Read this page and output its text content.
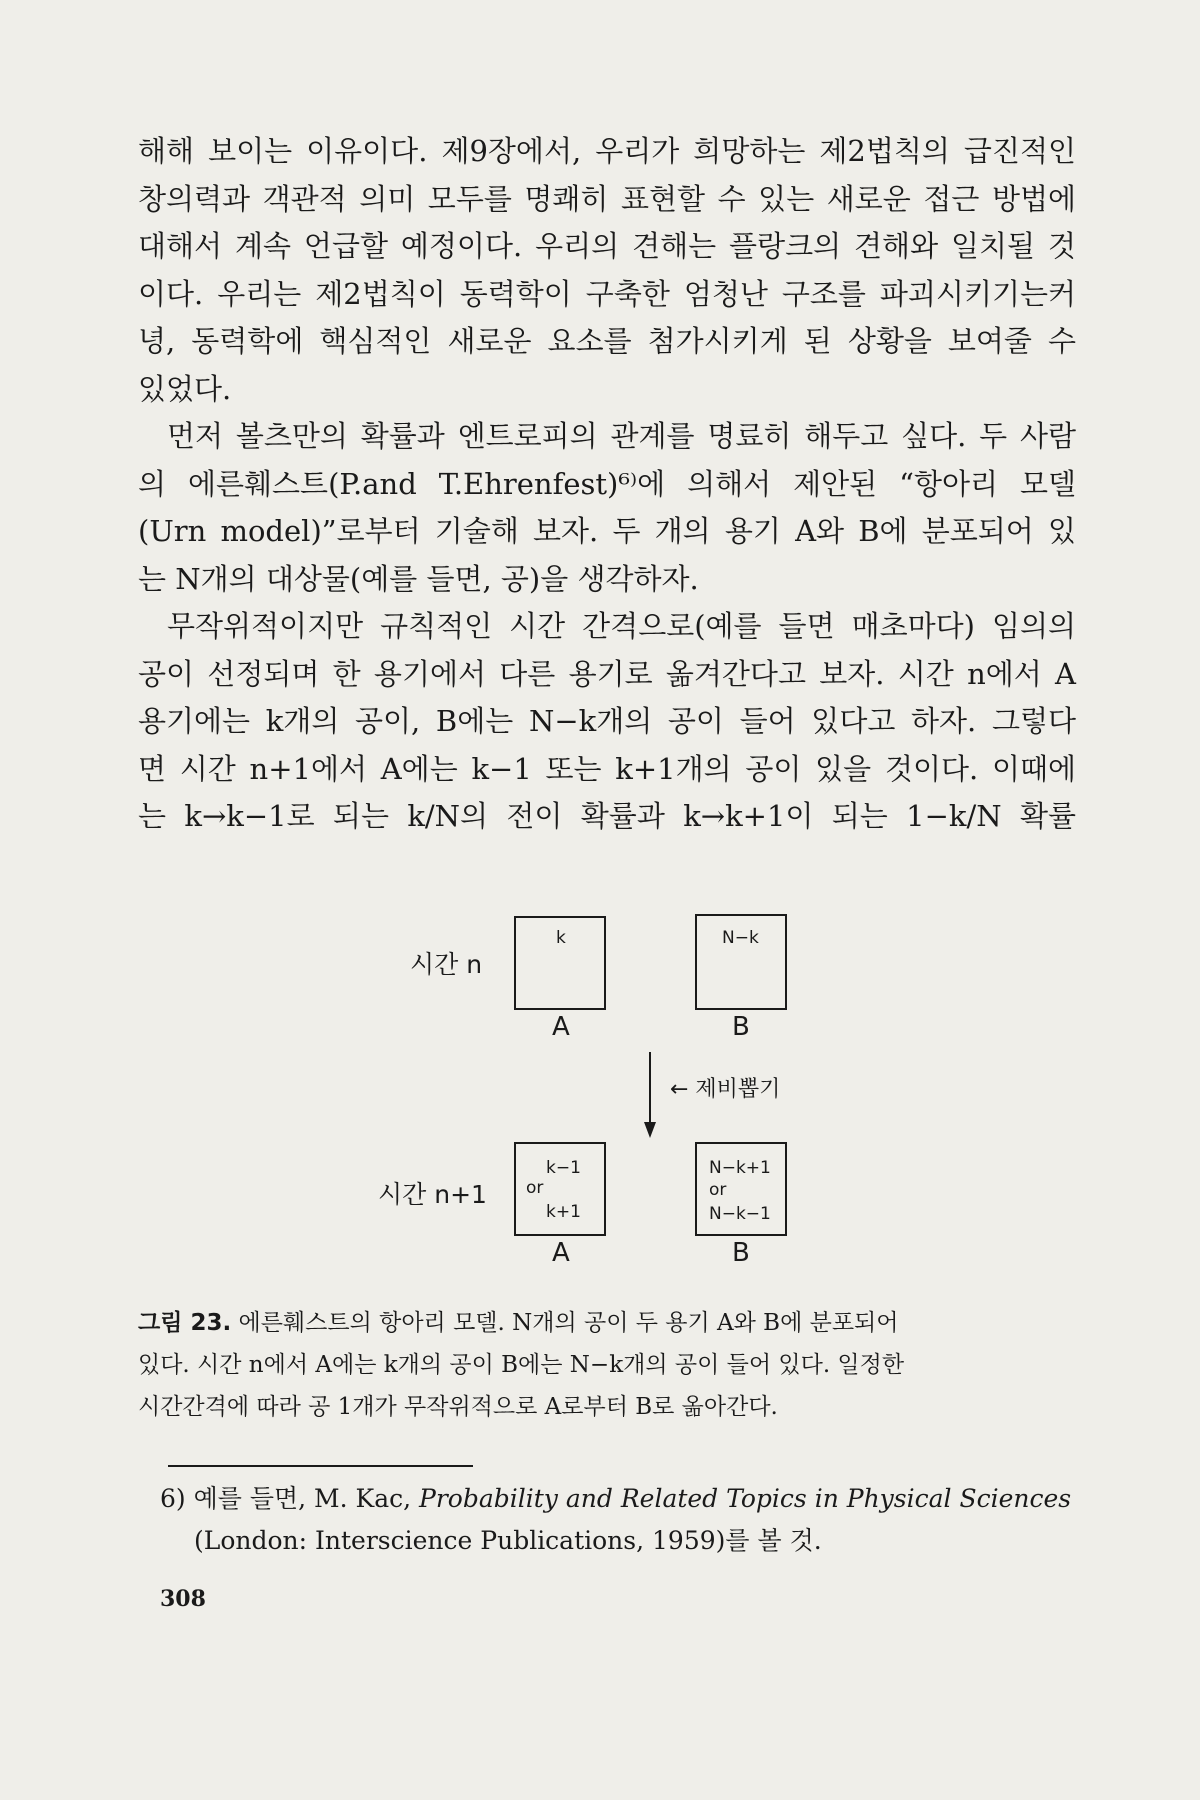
해해 보이는 이유이다. 제9장에서, 우리가 희망하는 제2법칙의 급진적인
창의력과 객관적 의미 모두를 명쾌히 표현할 수 있는 새로운 접근 방법에
대해서 계속 언급할 예정이다. 우리의 견해는 플랑크의 견해와 일치될 것
이다. 우리는 제2법칙이 동력학이 구축한 엄청난 구조를 파괴시키기는커
녕, 동력학에 핵심적인 새로운 요소를 첨가시키게 된 상황을 보여줄 수
있었다.

먼저 볼츠만의 확률과 엔트로피의 관계를 명료히 해두고 싶다. 두 사람
의 에른훼스트(P.and T.Ehrenfest)⁶⁾에 의해서 제안된 “항아리 모델
(Urn model)”로부터 기술해 보자. 두 개의 용기 A와 B에 분포되어 있
는 N개의 대상물(예를 들면, 공)을 생각하자.

무작위적이지만 규칙적인 시간 간격으로(예를 들면 매초마다) 임의의
공이 선정되며 한 용기에서 다른 용기로 옮겨간다고 보자. 시간 n에서 A
용기에는 k개의 공이, B에는 N−k개의 공이 들어 있다고 하자. 그렇다
면 시간 n+1에서 A에는 k−1 또는 k+1개의 공이 있을 것이다. 이때에
는 k→k−1로 되는 k/N의 전이 확률과 k→k+1이 되는 1−k/N 확률

시간 n
k	N−k
A	B
← 제비뽑기
시간 n+1
k−1
or
k+1
N−k+1
or
N−k−1
A	B
그림 23. 에른훼스트의 항아리 모델. N개의 공이 두 용기 A와 B에 분포되어
있다. 시간 n에서 A에는 k개의 공이 B에는 N−k개의 공이 들어 있다. 일정한
시간간격에 따라 공 1개가 무작위적으로 A로부터 B로 옮아간다.
6) 예를 들면, M. Kac, Probability and Related Topics in Physical Sciences
(London: Interscience Publications, 1959)를 볼 것.
308
